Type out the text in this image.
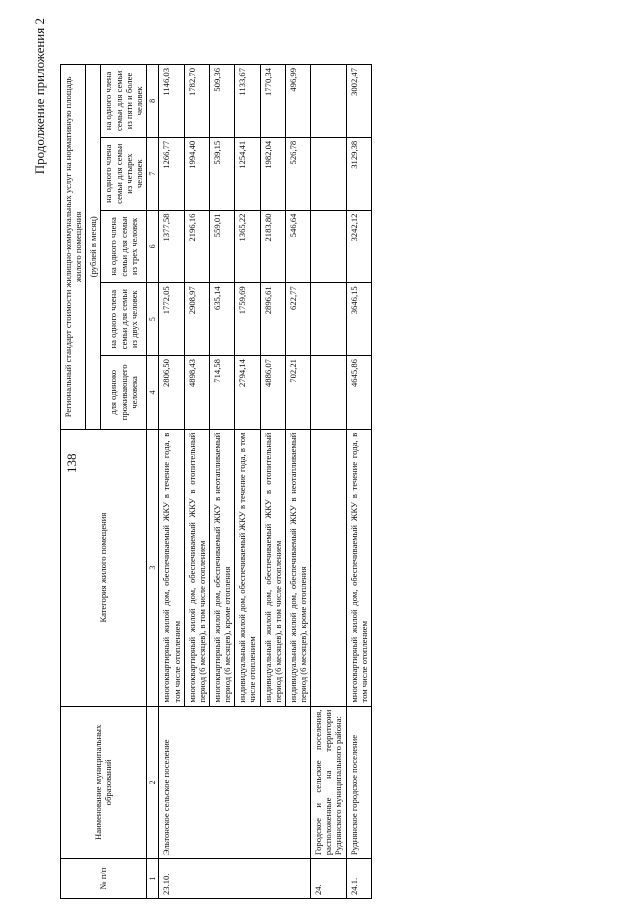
138
Продолжение приложения 2
№ п/п	Наименование муниципальных образований	Категория жилого помещения	Региональный стандарт стоимости жилищно-коммунальных услуг на нормативную площадь жилого помещения				
			(рублей в месяц)				
			для одиноко проживающего человека	на одного члена семьи для семьи из двух человек	на одного члена семьи для семьи из трех человек	на одного члена семьи для семьи из четырех человек	на одного члена семьи для семьи из пяти и более человек
1	2	3	4	5	6	7	8
23.10.	Эльтонское сельское поселение	многоквартирный жилой дом, обеспечиваемый ЖКУ в течение года, в том числе отоплением	2806,50	1772,05	1377,58	1266,77	1146,03
		многоквартирный жилой дом, обеспечиваемый ЖКУ в отопительный период (6 месяцев), в том числе отоплением	4898,43	2908,97	2196,16	1994,40	1782,70
		многоквартирный жилой дом, обеспечиваемый ЖКУ в неотапливаемый период (6 месяцев), кроме отопления	714,58	635,14	559,01	539,15	509,36
		индивидуальный жилой дом, обеспечиваемый ЖКУ в течение года, в том числе отоплением	2794,14	1759,69	1365,22	1254,41	1133,67
		индивидуальный жилой дом, обеспечиваемый ЖКУ в отопительный период (6 месяцев), в том числе отоплением	4886,07	2896,61	2183,80	1982,04	1770,34
		индивидуальный жилой дом, обеспечиваемый ЖКУ в неотапливаемый период (6 месяцев), кроме отопления	702,21	622,77	546,64	526,78	496,99
24.	Городское и сельские поселения, расположенные на территории Руднянского муниципального района:						
24.1.	Руднянское городское поселение	многоквартирный жилой дом, обеспечиваемый ЖКУ в течение года, в том числе отоплением	4645,86	3646,15	3242,12	3129,38	3002,47
